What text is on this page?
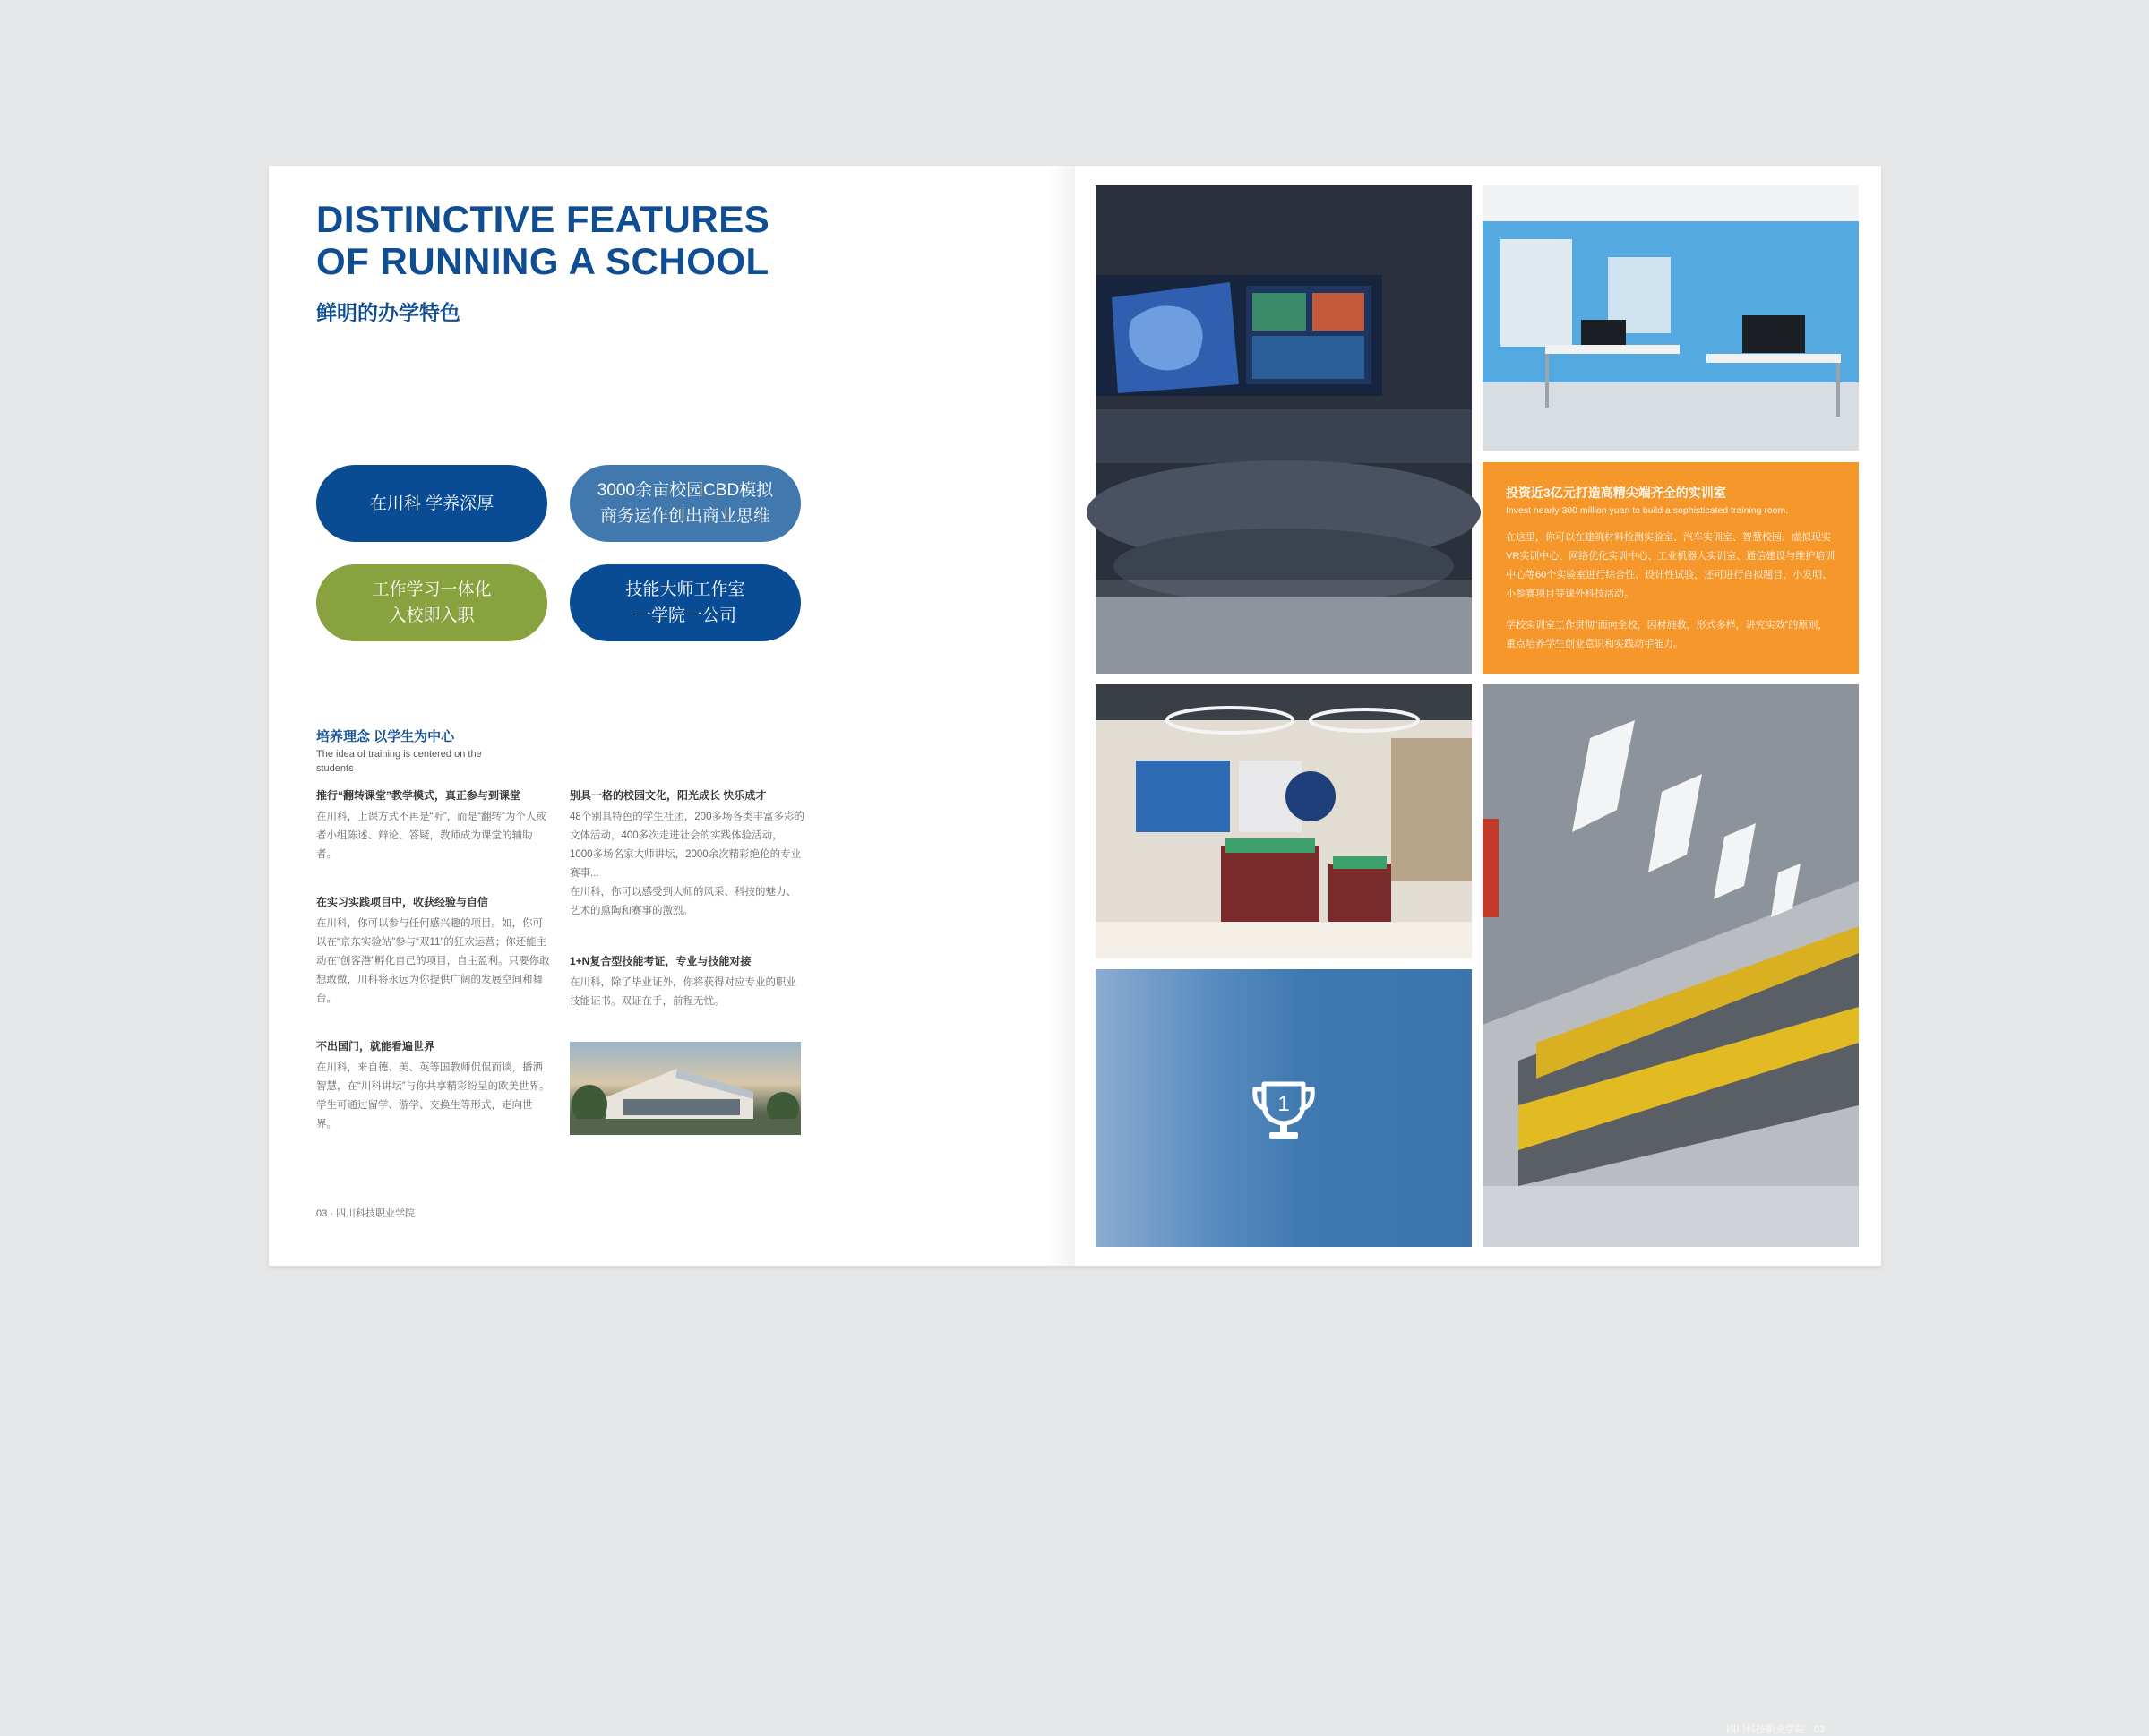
DISTINCTIVE FEATURES
OF RUNNING A SCHOOL
鲜明的办学特色
在川科 学养深厚
3000余亩校园CBD模拟
商务运作创出商业思维
工作学习一体化
入校即入职
技能大师工作室
一学院一公司
培养理念 以学生为中心
The idea of training is centered on the students
推行“翻转课堂”教学模式，真正参与到课堂

在川科，上课方式不再是“听”，而是“翻转”为个人或者小组陈述、辩论、答疑，教师成为课堂的辅助者。

在实习实践项目中，收获经验与自信

在川科，你可以参与任何感兴趣的项目。如，你可以在“京东实验站”参与“双11”的狂欢运营；你还能主动在“创客港”孵化自己的项目，自主盈利。只要你敢想敢做，川科将永远为你提供广阔的发展空间和舞台。

不出国门，就能看遍世界

在川科，来自德、美、英等国教师侃侃而谈，播洒智慧，在“川科讲坛”与你共享精彩纷呈的欧美世界。学生可通过留学、游学、交换生等形式，走向世界。

别具一格的校园文化，阳光成长 快乐成才

48个别具特色的学生社团，200多场各类丰富多彩的文体活动，400多次走进社会的实践体验活动，1000多场名家大师讲坛，2000余次精彩绝伦的专业赛事...

在川科，你可以感受到大师的风采、科技的魅力、艺术的熏陶和赛事的激烈。

1+N复合型技能考证，专业与技能对接

在川科，除了毕业证外，你将获得对应专业的职业技能证书。双证在手，前程无忧。

03 · 四川科技职业学院
投资近3亿元打造高精尖端齐全的实训室
Invest nearly 300 million yuan to build a sophisticated training room.
在这里，你可以在建筑材料检测实验室、汽车实训室、智慧校园、虚拟现实VR实训中心、网络优化实训中心、工业机器人实训室、通信建设与维护培训中心等60个实验室进行综合性、设计性试验，还可进行自拟题目、小发明、小参赛项目等课外科技活动。
学校实训室工作贯彻“面向全校，因材施教，形式多样，讲究实效”的原则，重点培养学生创业意识和实践动手能力。
1
四川科技职业学院 · 03
